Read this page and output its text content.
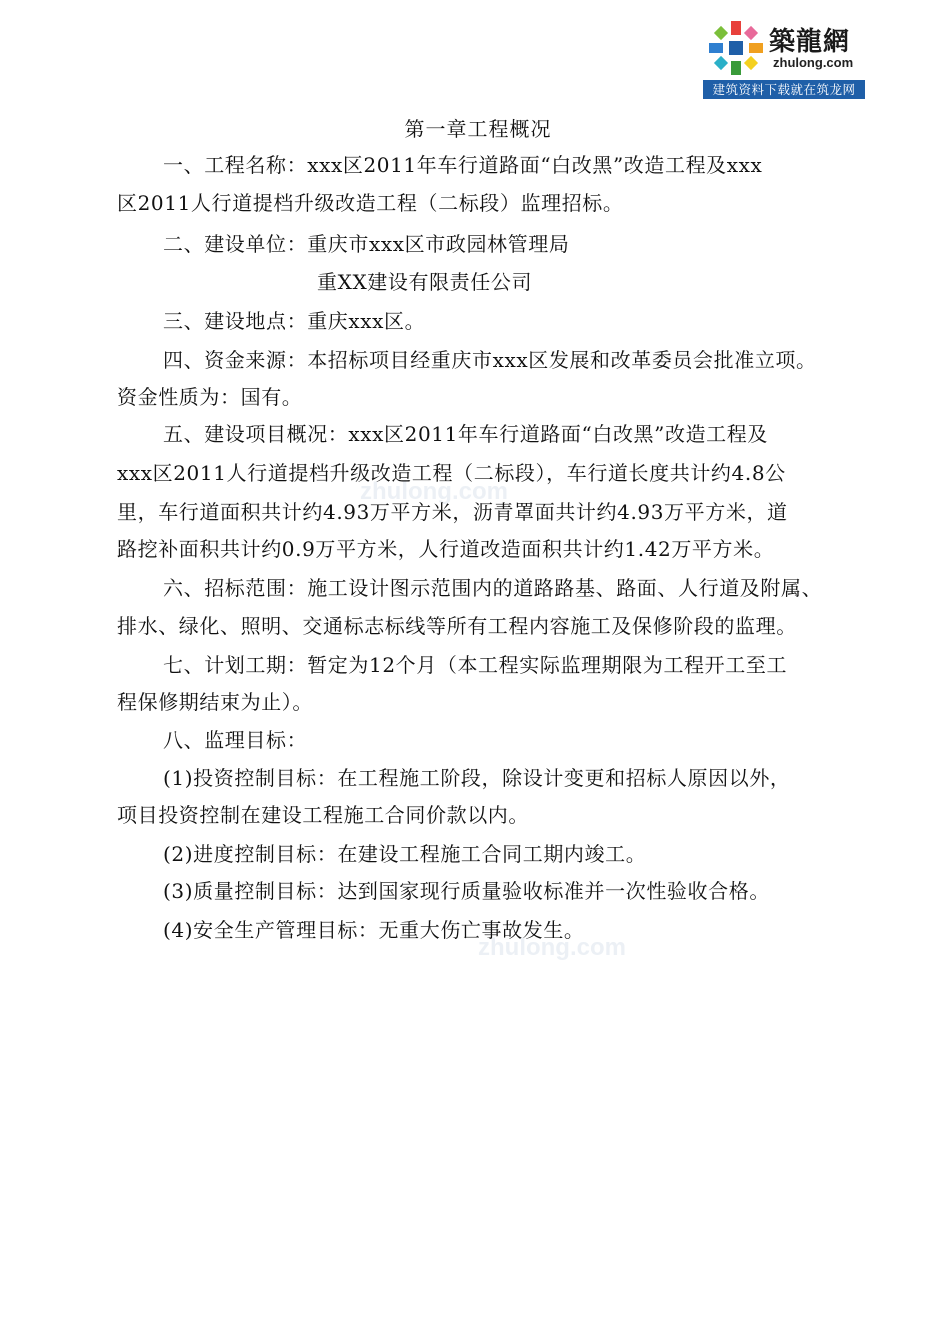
築龍網
zhulong.com
建筑资料下载就在筑龙网
zhulong.com
zhulong.com
第一章工程概况
一、工程名称：xxx区2011年车行道路面“白改黑”改造工程及xxx
区2011人行道提档升级改造工程（二标段）监理招标。
二、建设单位：重庆市xxx区市政园林管理局
重XX建设有限责任公司
三、建设地点：重庆xxx区。
四、资金来源：本招标项目经重庆市xxx区发展和改革委员会批准立项。
资金性质为：国有。
五、建设项目概况：xxx区2011年车行道路面“白改黑”改造工程及
xxx区2011人行道提档升级改造工程（二标段），车行道长度共计约4.8公
里，车行道面积共计约4.93万平方米，沥青罩面共计约4.93万平方米，道
路挖补面积共计约0.9万平方米，人行道改造面积共计约1.42万平方米。
六、招标范围：施工设计图示范围内的道路路基、路面、人行道及附属、
排水、绿化、照明、交通标志标线等所有工程内容施工及保修阶段的监理。
七、计划工期：暂定为12个月（本工程实际监理期限为工程开工至工
程保修期结束为止）。
八、监理目标：
(1)投资控制目标：在工程施工阶段，除设计变更和招标人原因以外，
项目投资控制在建设工程施工合同价款以内。
(2)进度控制目标：在建设工程施工合同工期内竣工。
(3)质量控制目标：达到国家现行质量验收标准并一次性验收合格。
(4)安全生产管理目标：无重大伤亡事故发生。
